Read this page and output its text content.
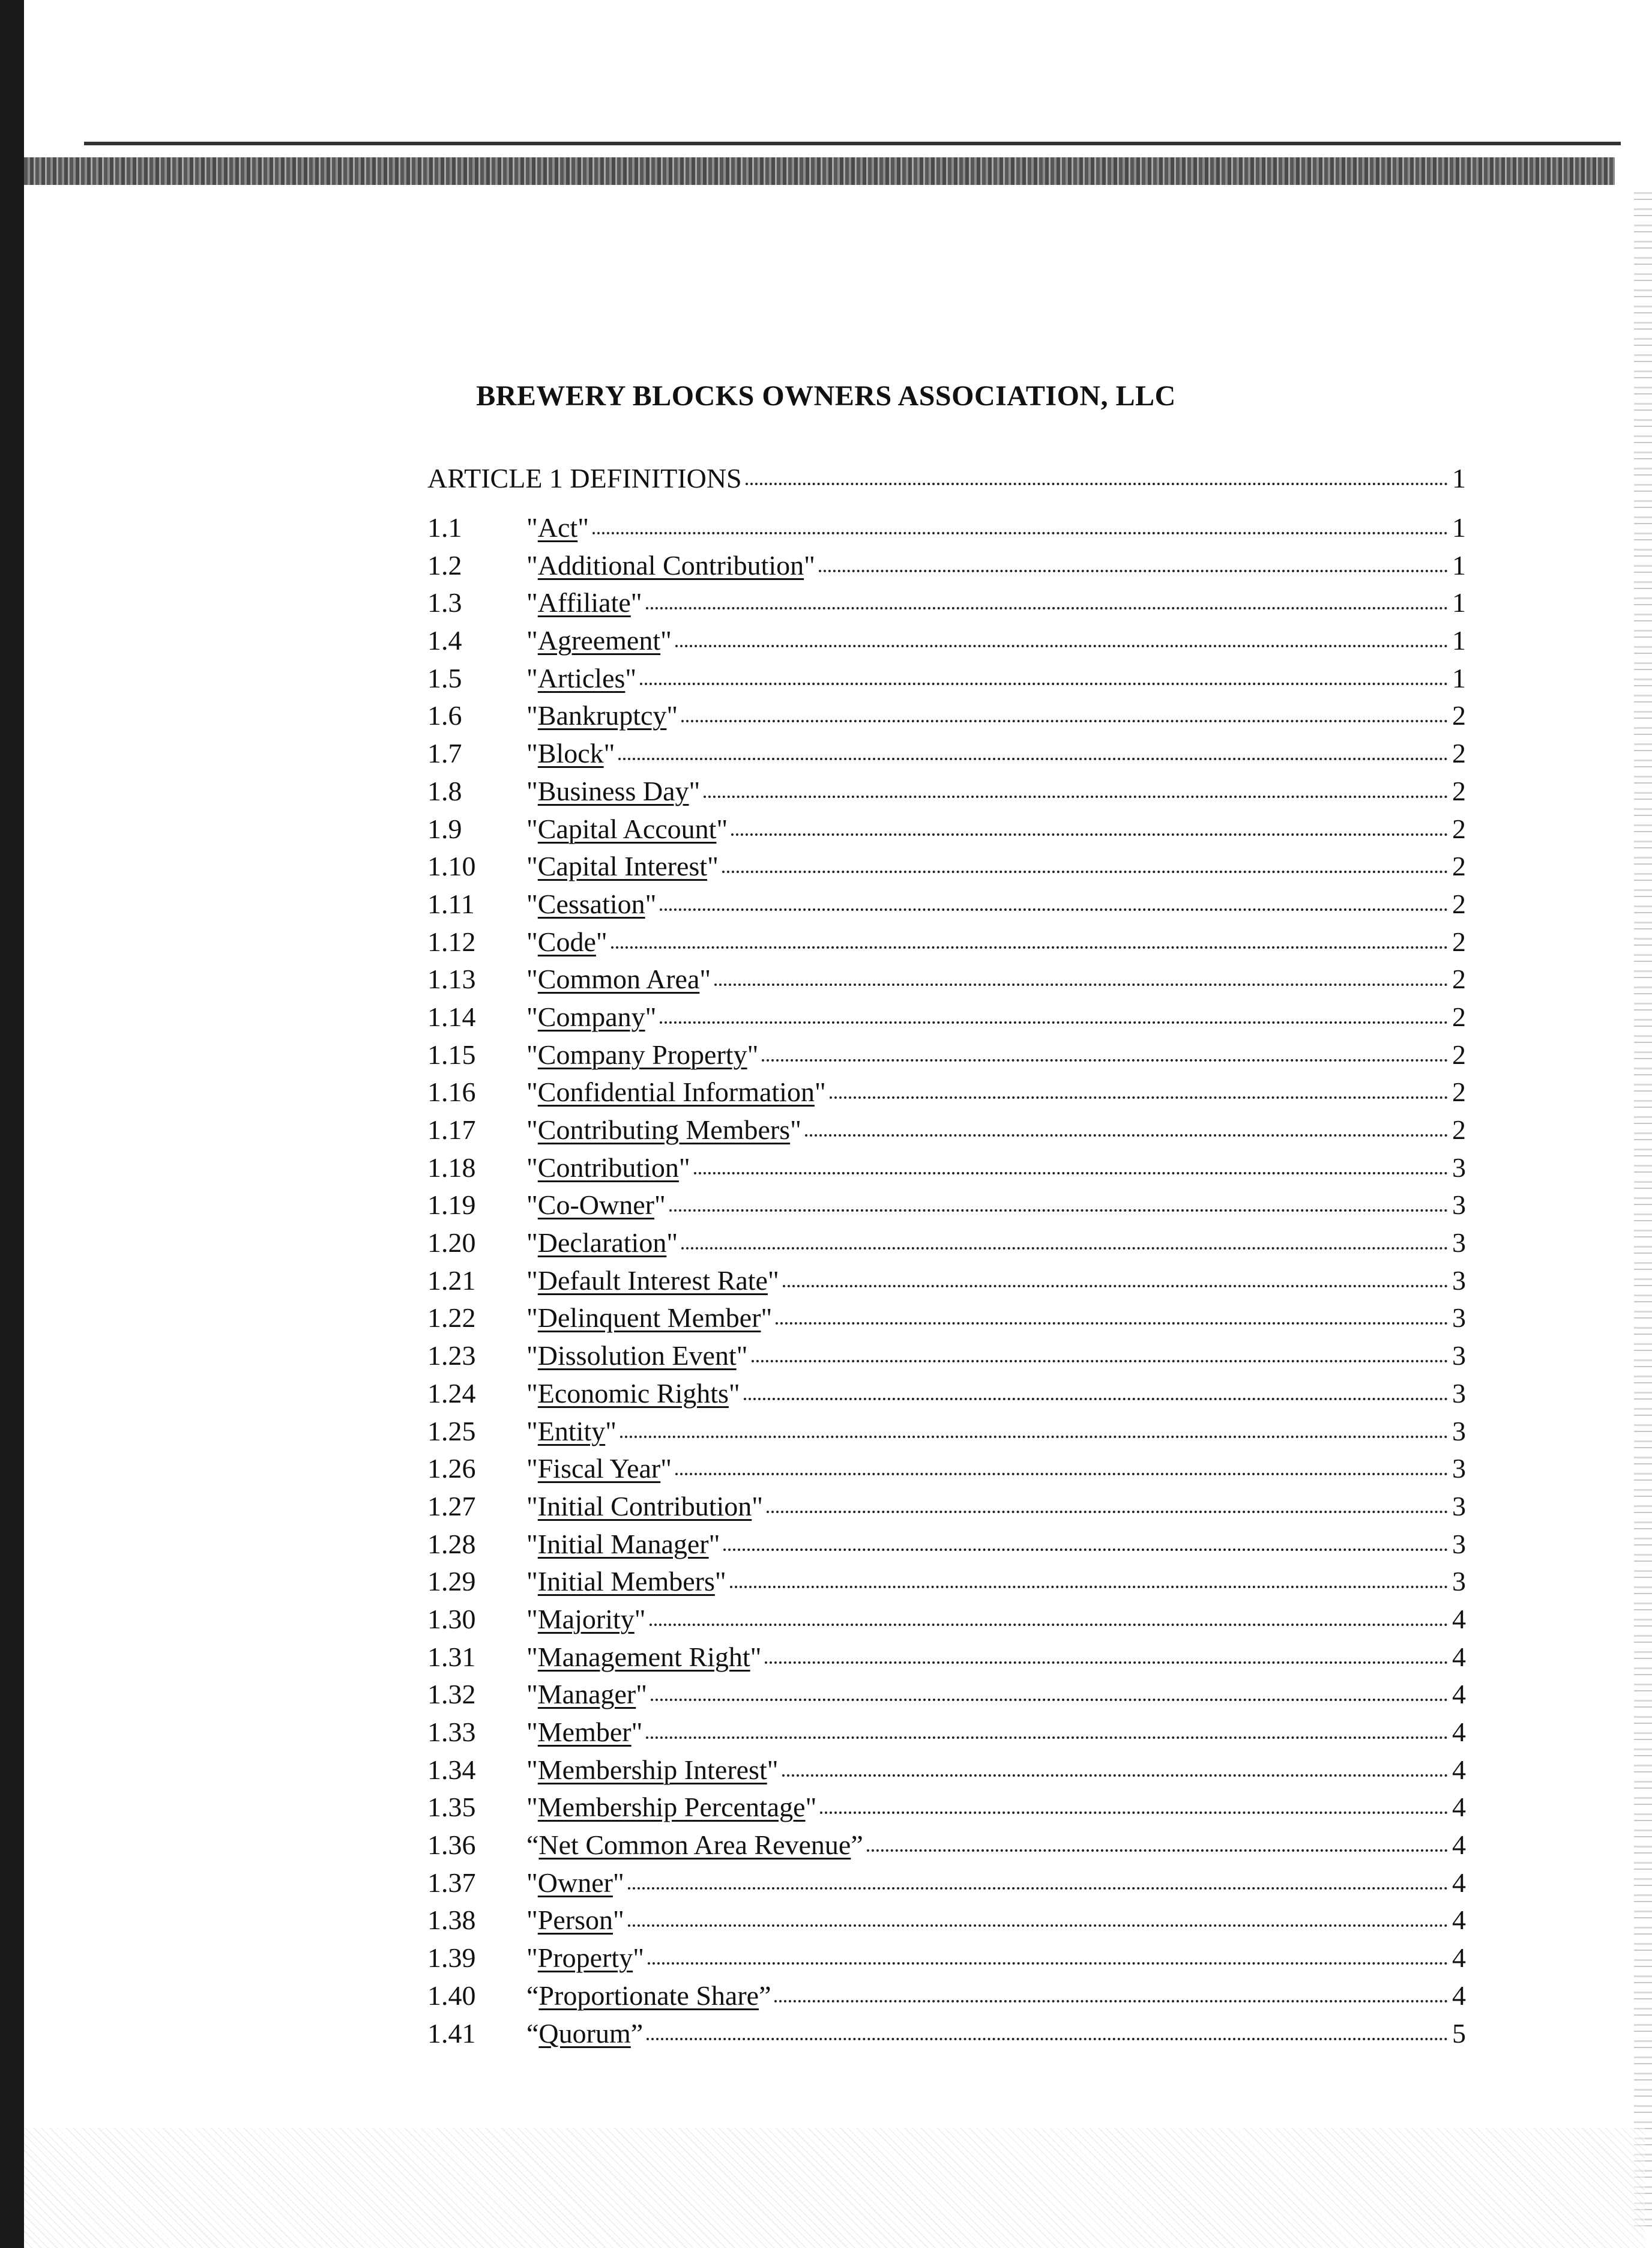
BREWERY BLOCKS OWNERS ASSOCIATION, LLC
ARTICLE 1 DEFINITIONS	1
1.1	"Act"	1
1.2	"Additional Contribution"	1
1.3	"Affiliate"	1
1.4	"Agreement"	1
1.5	"Articles"	1
1.6	"Bankruptcy"	2
1.7	"Block"	2
1.8	"Business Day"	2
1.9	"Capital Account"	2
1.10	"Capital Interest"	2
1.11	"Cessation"	2
1.12	"Code"	2
1.13	"Common Area"	2
1.14	"Company"	2
1.15	"Company Property"	2
1.16	"Confidential Information"	2
1.17	"Contributing Members"	2
1.18	"Contribution"	3
1.19	"Co-Owner"	3
1.20	"Declaration"	3
1.21	"Default Interest Rate"	3
1.22	"Delinquent Member"	3
1.23	"Dissolution Event"	3
1.24	"Economic Rights"	3
1.25	"Entity"	3
1.26	"Fiscal Year"	3
1.27	"Initial Contribution"	3
1.28	"Initial Manager"	3
1.29	"Initial Members"	3
1.30	"Majority"	4
1.31	"Management Right"	4
1.32	"Manager"	4
1.33	"Member"	4
1.34	"Membership Interest"	4
1.35	"Membership Percentage"	4
1.36	“Net Common Area Revenue”	4
1.37	"Owner"	4
1.38	"Person"	4
1.39	"Property"	4
1.40	“Proportionate Share”	4
1.41	“Quorum”	5
